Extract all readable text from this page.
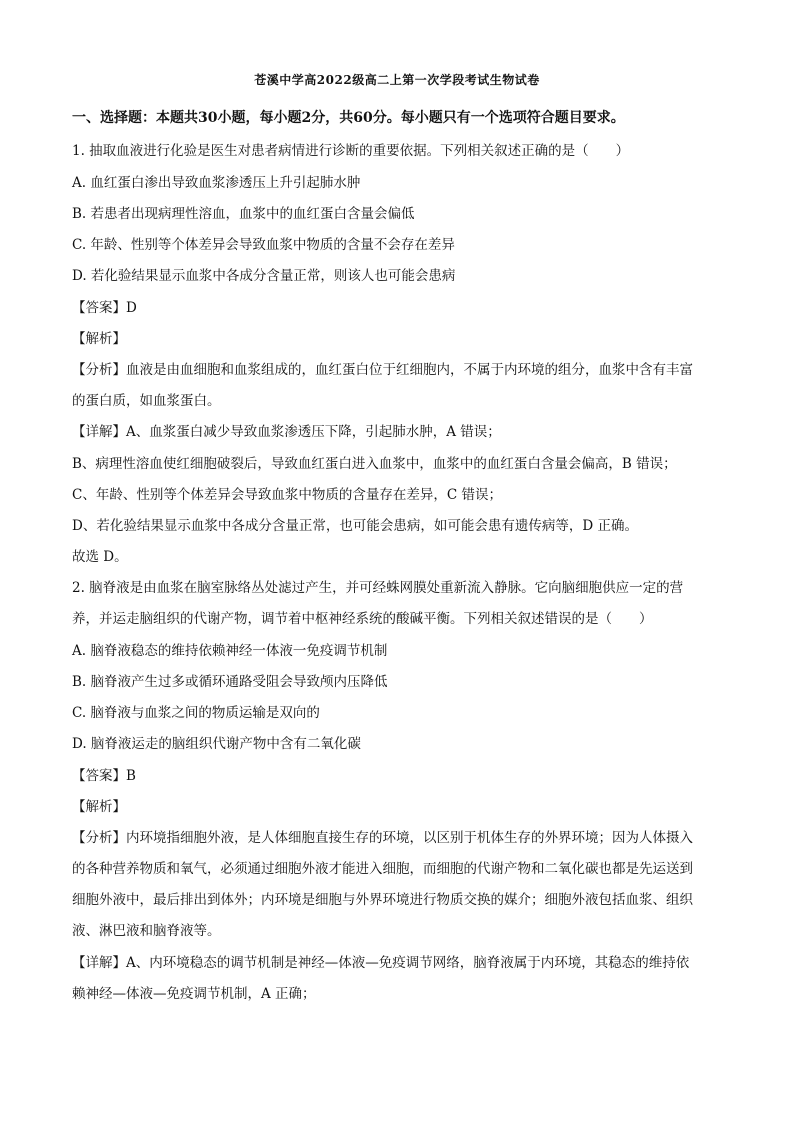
苍溪中学高2022级高二上第一次学段考试生物试卷
一、选择题：本题共30小题，每小题2分，共60分。每小题只有一个选项符合题目要求。
1. 抽取血液进行化验是医生对患者病情进行诊断的重要依据。下列相关叙述正确的是（　　）
A. 血红蛋白渗出导致血浆渗透压上升引起肺水肿
B. 若患者出现病理性溶血，血浆中的血红蛋白含量会偏低
C. 年龄、性别等个体差异会导致血浆中物质的含量不会存在差异
D. 若化验结果显示血浆中各成分含量正常，则该人也可能会患病
【答案】D
【解析】
【分析】血液是由血细胞和血浆组成的，血红蛋白位于红细胞内，不属于内环境的组分，血浆中含有丰富
的蛋白质，如血浆蛋白。
【详解】A、血浆蛋白减少导致血浆渗透压下降，引起肺水肿，A 错误；
B、病理性溶血使红细胞破裂后，导致血红蛋白进入血浆中，血浆中的血红蛋白含量会偏高，B 错误；
C、年龄、性别等个体差异会导致血浆中物质的含量存在差异，C 错误；
D、若化验结果显示血浆中各成分含量正常，也可能会患病，如可能会患有遗传病等，D 正确。
故选 D。
2. 脑脊液是由血浆在脑室脉络丛处滤过产生，并可经蛛网膜处重新流入静脉。它向脑细胞供应一定的营
养，并运走脑组织的代谢产物，调节着中枢神经系统的酸碱平衡。下列相关叙述错误的是（　　）
A. 脑脊液稳态的维持依赖神经一体液一免疫调节机制
B. 脑脊液产生过多或循环通路受阻会导致颅内压降低
C. 脑脊液与血浆之间的物质运输是双向的
D. 脑脊液运走的脑组织代谢产物中含有二氧化碳
【答案】B
【解析】
【分析】内环境指细胞外液，是人体细胞直接生存的环境，以区别于机体生存的外界环境；因为人体摄入
的各种营养物质和氧气，必须通过细胞外液才能进入细胞，而细胞的代谢产物和二氧化碳也都是先运送到
细胞外液中，最后排出到体外；内环境是细胞与外界环境进行物质交换的媒介；细胞外液包括血浆、组织
液、淋巴液和脑脊液等。
【详解】A、内环境稳态的调节机制是神经—体液—免疫调节网络，脑脊液属于内环境，其稳态的维持依
赖神经—体液—免疫调节机制，A 正确；
